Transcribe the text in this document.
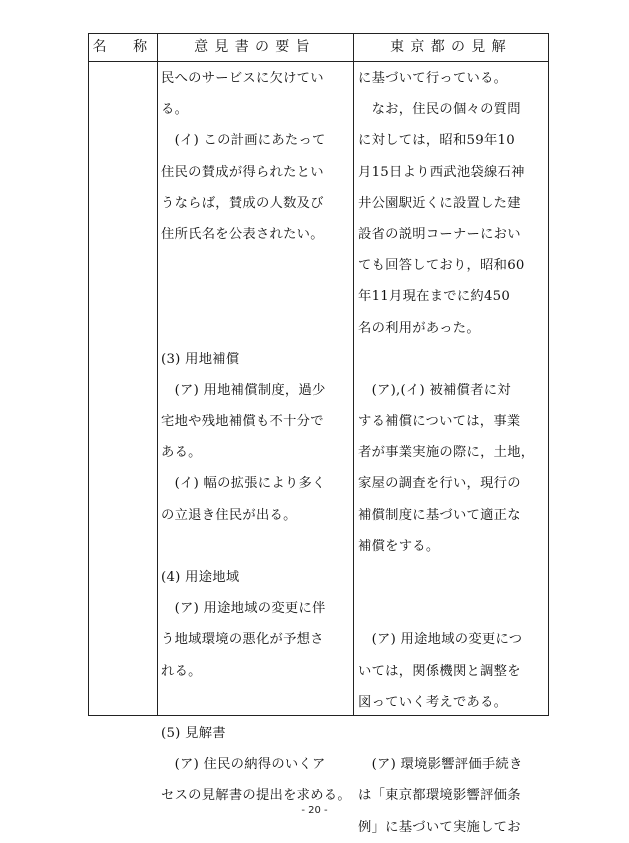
名　称	意見書の要旨	東京都の見解
民へのサービスに欠けてい
る。
　(イ) この計画にあたって
住民の賛成が得られたとい
うならば，賛成の人数及び
住所氏名を公表されたい。
(3) 用地補償
　(ア) 用地補償制度，過少
宅地や残地補償も不十分で
ある。
　(イ) 幅の拡張により多く
の立退き住民が出る。
(4) 用途地域
　(ア) 用途地域の変更に伴
う地域環境の悪化が予想さ
れる。
(5) 見解書
　(ア) 住民の納得のいくア
セスの見解書の提出を求める。
に基づいて行っている。
　なお，住民の個々の質問
に対しては，昭和59年10
月15日より西武池袋線石神
井公園駅近くに設置した建
設省の説明コーナーにおい
ても回答しており，昭和60
年11月現在までに約450
名の利用があった。
　(ア),(イ) 被補償者に対
する補償については，事業
者が事業実施の際に，土地，
家屋の調査を行い，現行の
補償制度に基づいて適正な
補償をする。
　(ア) 用途地域の変更につ
いては，関係機関と調整を
図っていく考えである。
　(ア) 環境影響評価手続き
は「東京都環境影響評価条
例」に基づいて実施してお
- 20 -
